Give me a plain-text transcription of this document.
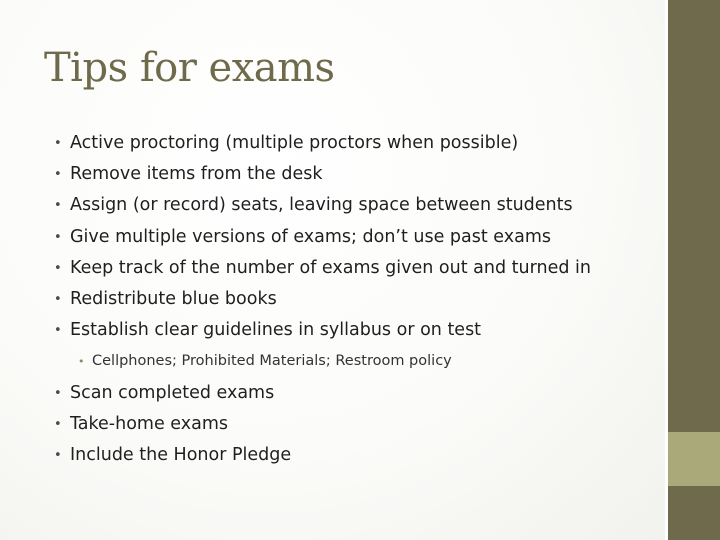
Tips for exams
• Active proctoring (multiple proctors when possible)
• Remove items from the desk
• Assign (or record) seats, leaving space between students
• Give multiple versions of exams; don’t use past exams
• Keep track of the number of exams given out and turned in
• Redistribute blue books
• Establish clear guidelines in syllabus or on test
• Cellphones; Prohibited Materials; Restroom policy
• Scan completed exams
• Take-home exams
• Include the Honor Pledge
